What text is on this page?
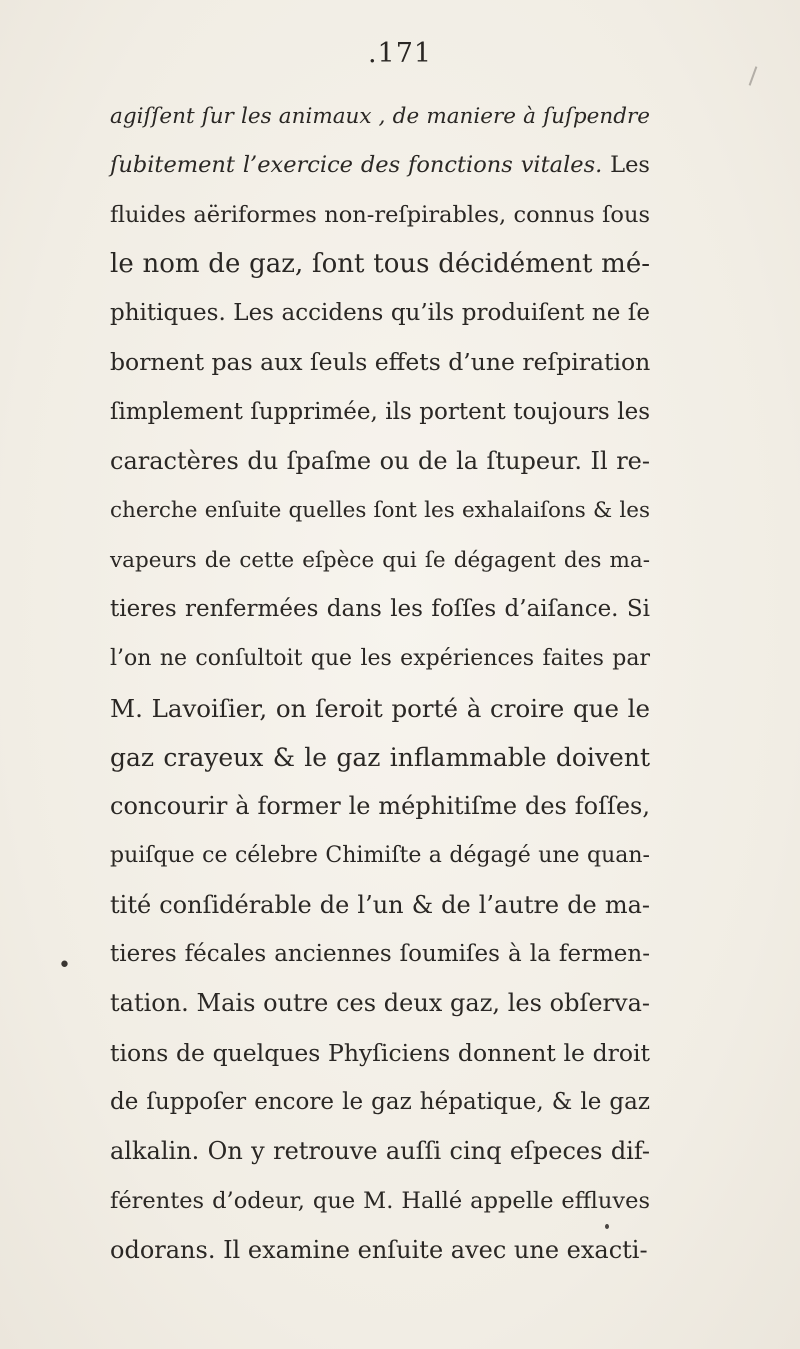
.171
agiſſent ſur les animaux , de maniere à ſuſpendre
ſubitement l’exercice des fonctions vitales. Les
fluides aëriformes non-reſpirables, connus ſous
le nom de gaz, ſont tous décidément mé-
phitiques. Les accidens qu’ils produiſent ne ſe
bornent pas aux ſeuls effets d’une reſpiration
ſimplement ſupprimée, ils portent toujours les
caractères du ſpaſme ou de la ſtupeur. Il re-
cherche enſuite quelles ſont les exhalaiſons & les
vapeurs de cette eſpèce qui ſe dégagent des ma-
tieres renfermées dans les foſſes d’aiſance. Si
l’on ne conſultoit que les expériences faites par
M. Lavoiſier, on ſeroit porté à croire que le
gaz crayeux & le gaz inflammable doivent
concourir à former le méphitiſme des foſſes,
puiſque ce célebre Chimiſte a dégagé une quan-
tité conſidérable de l’un & de l’autre de ma-
tieres fécales anciennes ſoumiſes à la fermen-
tation. Mais outre ces deux gaz, les obſerva-
tions de quelques Phyſiciens donnent le droit
de ſuppoſer encore le gaz hépatique, & le gaz
alkalin. On y retrouve auſſi cinq eſpeces dif-
férentes d’odeur, que M. Hallé appelle effluves
odorans. Il examine enſuite avec une exacti-
•
